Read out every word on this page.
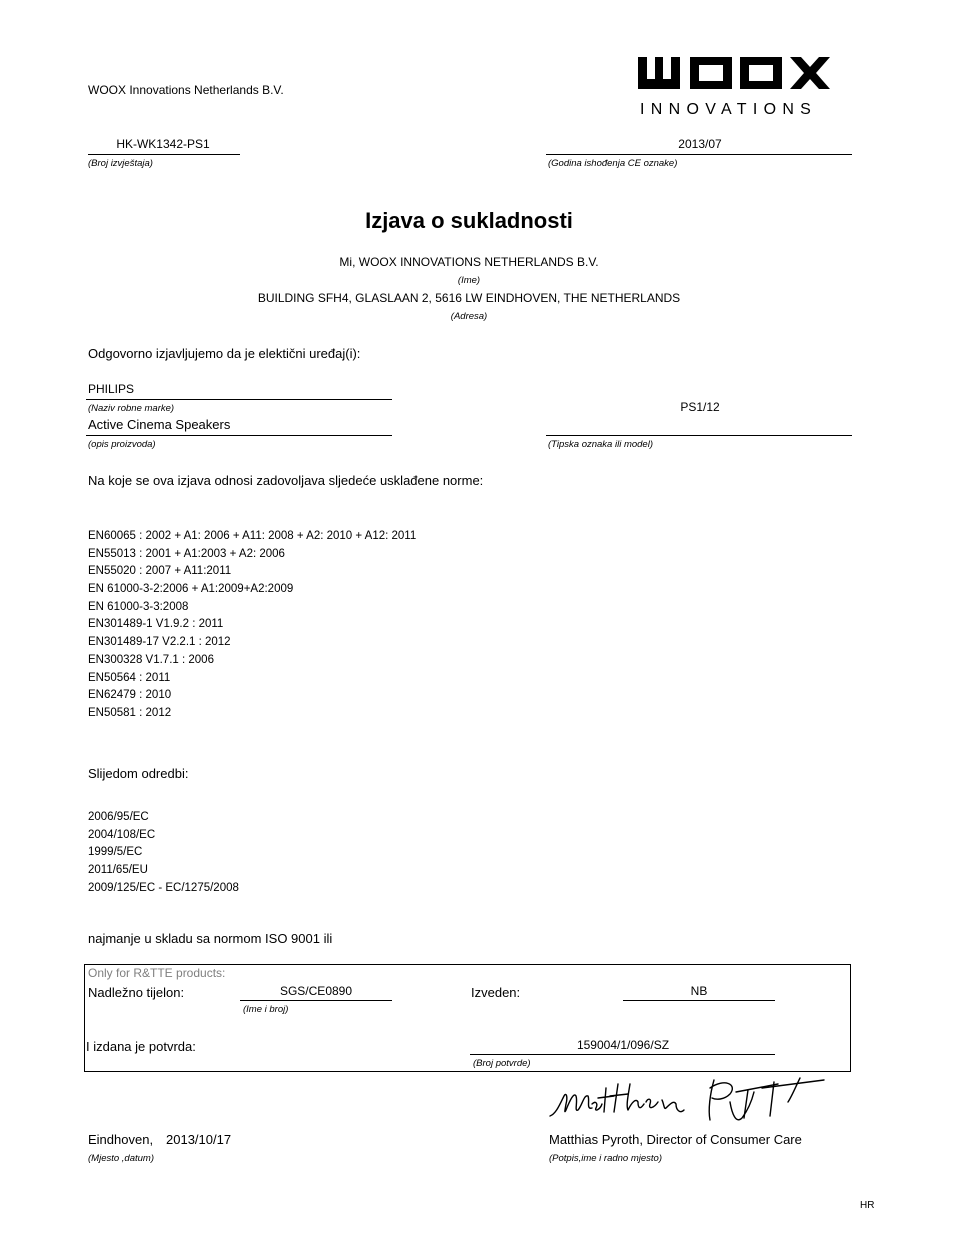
WOOX Innovations Netherlands B.V.
INNOVATIONS
HK-WK1342-PS1
(Broj izvještaja)
2013/07
(Godina ishođenja CE oznake)
Izjava o sukladnosti
Mi, WOOX INNOVATIONS NETHERLANDS B.V.
(Ime)
BUILDING SFH4, GLASLAAN 2, 5616 LW EINDHOVEN, THE NETHERLANDS
(Adresa)
Odgovorno izjavljujemo da je elektični uređaj(i):
PHILIPS
(Naziv robne marke)
Active Cinema Speakers
(opis proizvoda)
PS1/12
(Tipska oznaka ili model)
Na koje se ova izjava odnosi zadovoljava sljedeće usklađene norme:
EN60065 : 2002 + A1: 2006 + A11: 2008 + A2: 2010 + A12: 2011
EN55013 : 2001 + A1:2003 + A2: 2006
EN55020 : 2007 + A11:2011
EN 61000-3-2:2006 + A1:2009+A2:2009
EN 61000-3-3:2008
EN301489-1 V1.9.2 : 2011
EN301489-17 V2.2.1 : 2012
EN300328 V1.7.1 : 2006
EN50564 : 2011
EN62479 : 2010
EN50581 : 2012
Slijedom odredbi:
2006/95/EC
2004/108/EC
1999/5/EC
2011/65/EU
2009/125/EC - EC/1275/2008
najmanje u skladu sa normom ISO 9001 ili
Only for R&TTE products:
Nadležno tijelon:	SGS/CE0890
(Ime i broj)
Izveden:	NB
I izdana je potvrda:	159004/1/096/SZ
(Broj potvrde)
Eindhoven, 2013/10/17
(Mjesto ,datum)
Matthias Pyroth, Director of Consumer Care
(Potpis,ime i radno mjesto)
HR
